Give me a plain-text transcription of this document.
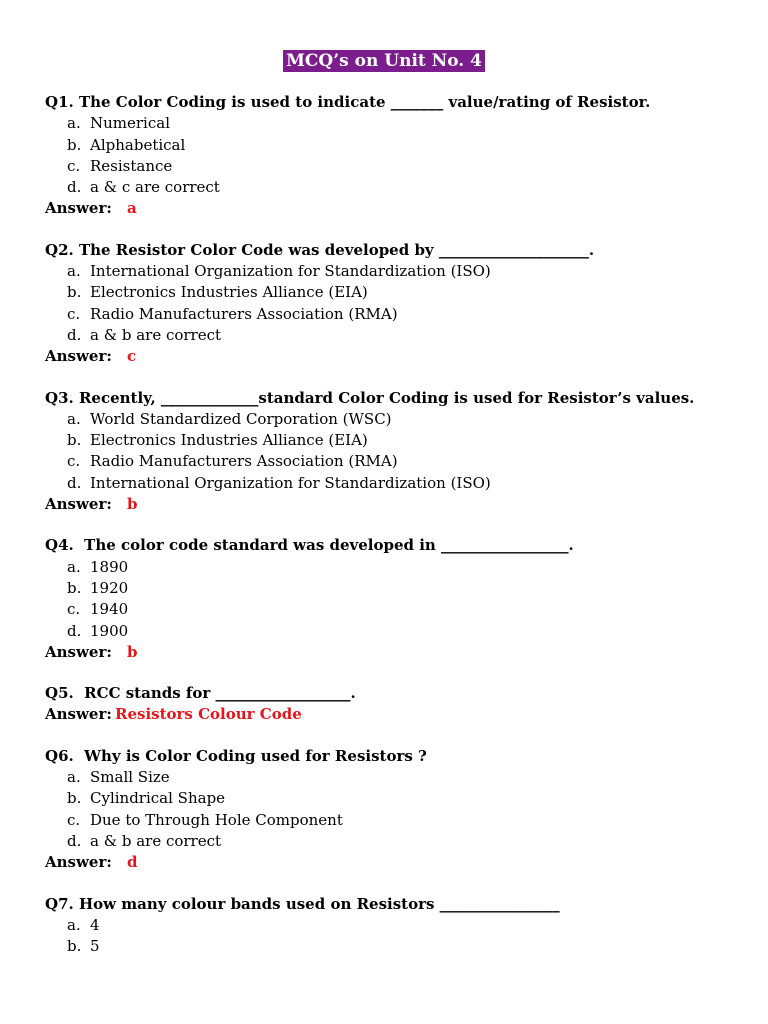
MCQ’s on Unit No. 4
Q1. The Color Coding is used to indicate _______ value/rating of Resistor.
a. Numerical
b. Alphabetical
c. Resistance
d. a & c are correct
Answer: a
Q2. The Resistor Color Code was developed by ____________________.
a. International Organization for Standardization (ISO)
b. Electronics Industries Alliance (EIA)
c. Radio Manufacturers Association (RMA)
d. a & b are correct
Answer: c
Q3. Recently, _____________standard Color Coding is used for Resistor’s values.
a. World Standardized Corporation (WSC)
b. Electronics Industries Alliance (EIA)
c. Radio Manufacturers Association (RMA)
d. International Organization for Standardization (ISO)
Answer: b
Q4.  The color code standard was developed in _________________.
a. 1890
b. 1920
c. 1940
d. 1900
Answer: b
Q5.  RCC stands for __________________.
Answer: Resistors Colour Code
Q6.  Why is Color Coding used for Resistors ?
a. Small Size
b. Cylindrical Shape
c. Due to Through Hole Component
d. a & b are correct
Answer: d
Q7. How many colour bands used on Resistors ________________
a. 4
b. 5
